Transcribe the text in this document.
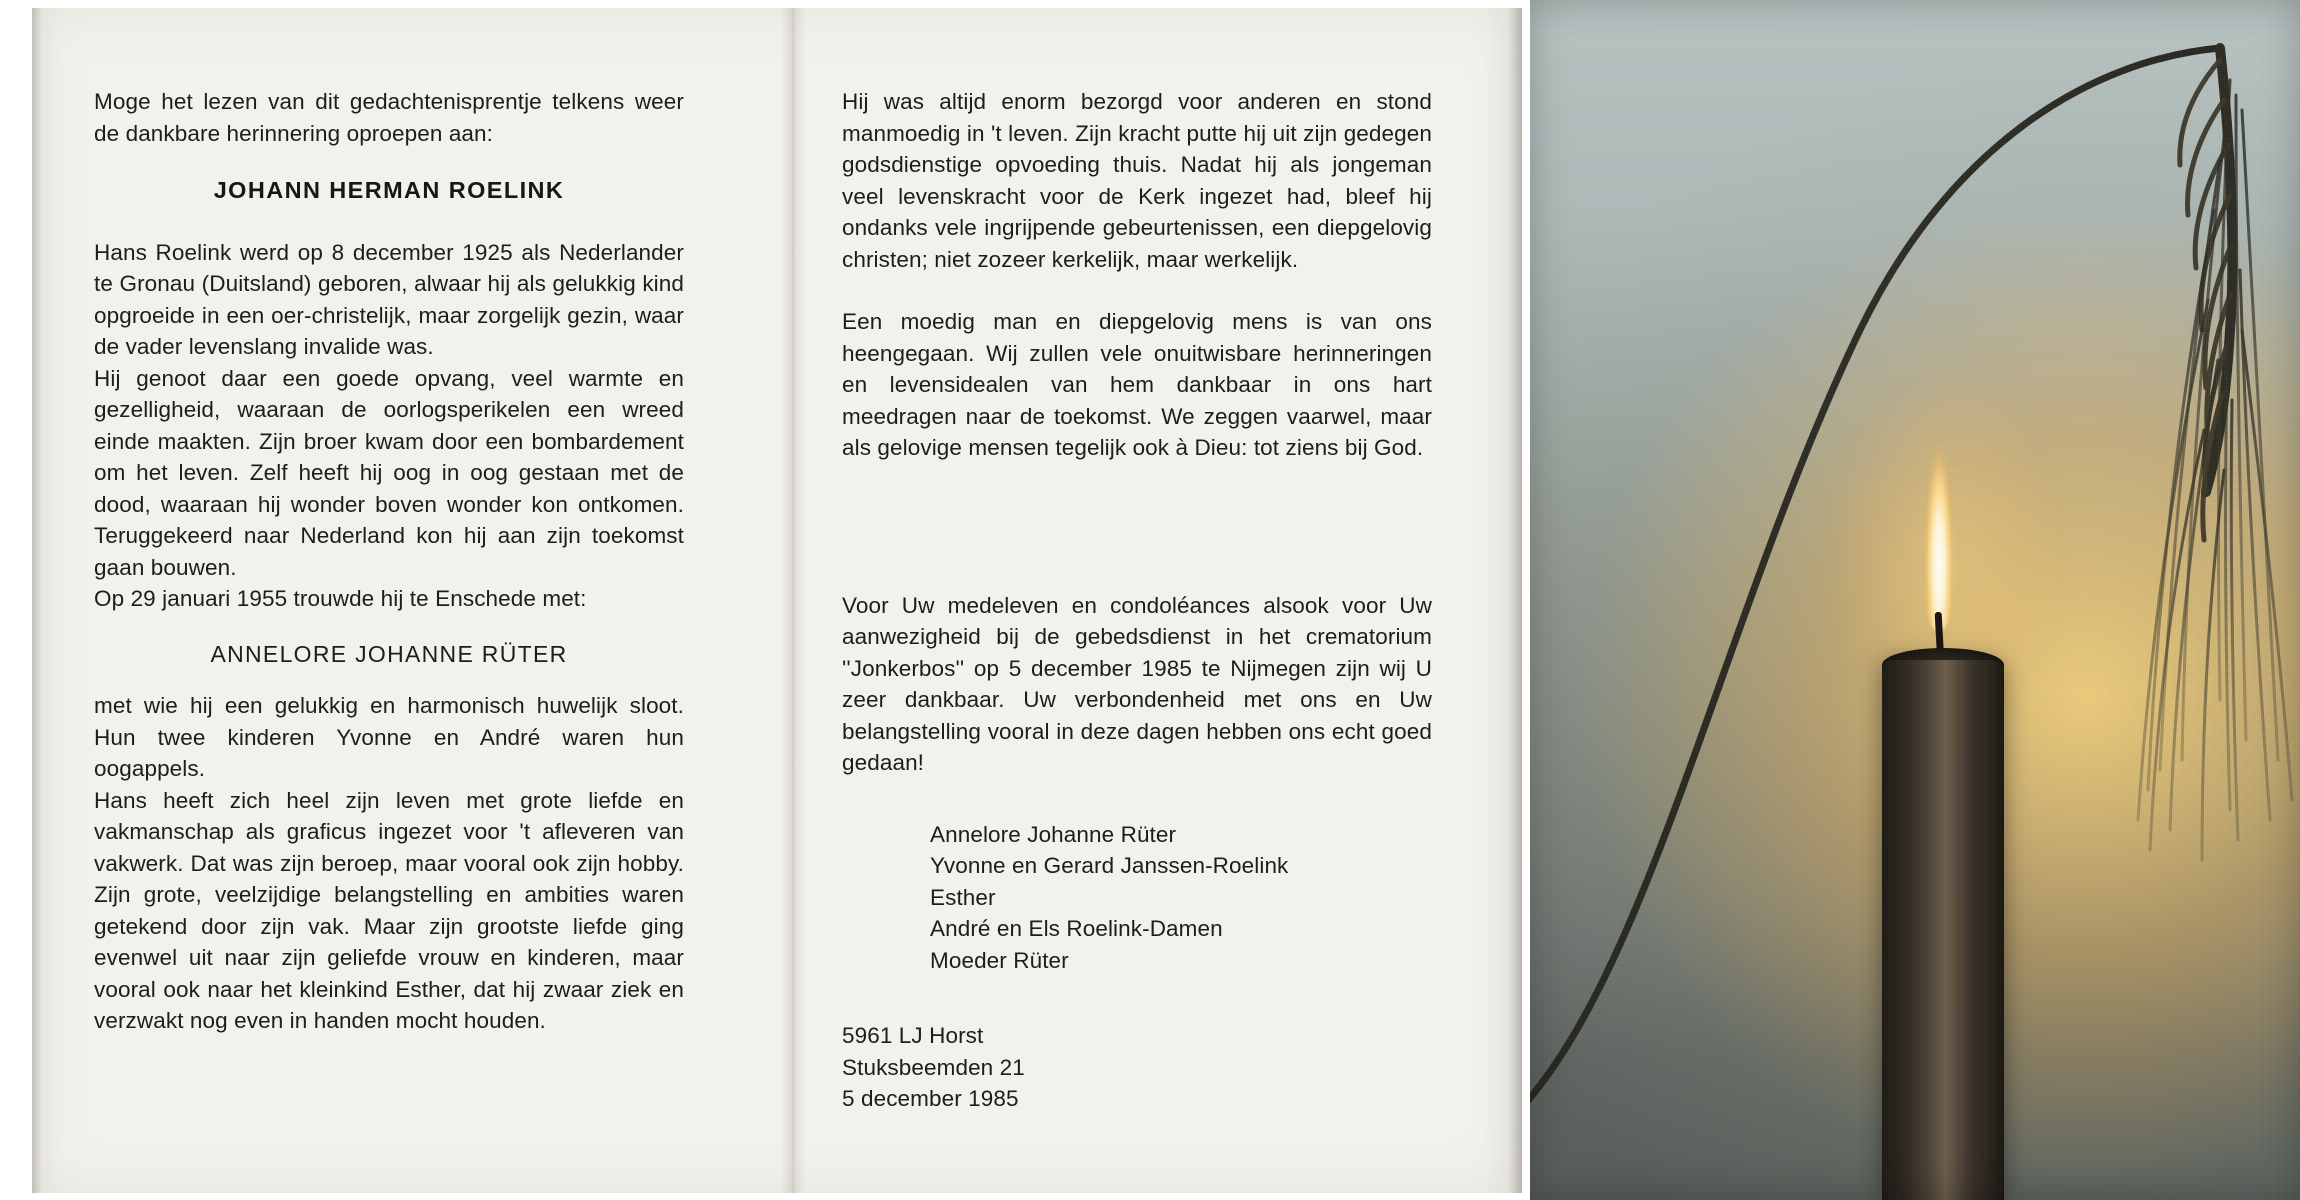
Moge het lezen van dit gedachtenisprentje telkens weer de dankbare herinnering oproepen aan:

JOHANN HERMAN ROELINK

Hans Roelink werd op 8 december 1925 als Nederlander te Gronau (Duitsland) geboren, alwaar hij als gelukkig kind opgroeide in een oer-christelijk, maar zorgelijk gezin, waar de vader levenslang invalide was.

Hij genoot daar een goede opvang, veel warmte en gezelligheid, waaraan de oorlogsperikelen een wreed einde maakten. Zijn broer kwam door een bombardement om het leven. Zelf heeft hij oog in oog gestaan met de dood, waaraan hij wonder boven wonder kon ontkomen. Teruggekeerd naar Nederland kon hij aan zijn toekomst gaan bouwen.

Op 29 januari 1955 trouwde hij te Enschede met:

ANNELORE JOHANNE RÜTER

met wie hij een gelukkig en harmonisch huwelijk sloot. Hun twee kinderen Yvonne en André waren hun oogappels.

Hans heeft zich heel zijn leven met grote liefde en vakmanschap als graficus ingezet voor 't afleveren van vakwerk. Dat was zijn beroep, maar vooral ook zijn hobby. Zijn grote, veelzijdige belangstelling en ambities waren getekend door zijn vak. Maar zijn grootste liefde ging evenwel uit naar zijn geliefde vrouw en kinderen, maar vooral ook naar het kleinkind Esther, dat hij zwaar ziek en verzwakt nog even in handen mocht houden.

Hij was altijd enorm bezorgd voor anderen en stond manmoedig in 't leven. Zijn kracht putte hij uit zijn gedegen godsdienstige opvoeding thuis. Nadat hij als jongeman veel levenskracht voor de Kerk ingezet had, bleef hij ondanks vele ingrijpende gebeurtenissen, een diepgelovig christen; niet zozeer kerkelijk, maar werkelijk.

Een moedig man en diepgelovig mens is van ons heengegaan. Wij zullen vele onuitwisbare herinneringen en levensidealen van hem dankbaar in ons hart meedragen naar de toekomst. We zeggen vaarwel, maar als gelovige mensen tegelijk ook à Dieu: tot ziens bij God.

Voor Uw medeleven en condoléances alsook voor Uw aanwezigheid bij de gebedsdienst in het crematorium ''Jonkerbos'' op 5 december 1985 te Nijmegen zijn wij U zeer dankbaar. Uw verbondenheid met ons en Uw belangstelling vooral in deze dagen hebben ons echt goed gedaan!

Annelore Johanne Rüter
Yvonne en Gerard Janssen-Roelink
Esther
André en Els Roelink-Damen
Moeder Rüter
5961 LJ Horst
Stuksbeemden 21
5 december 1985
